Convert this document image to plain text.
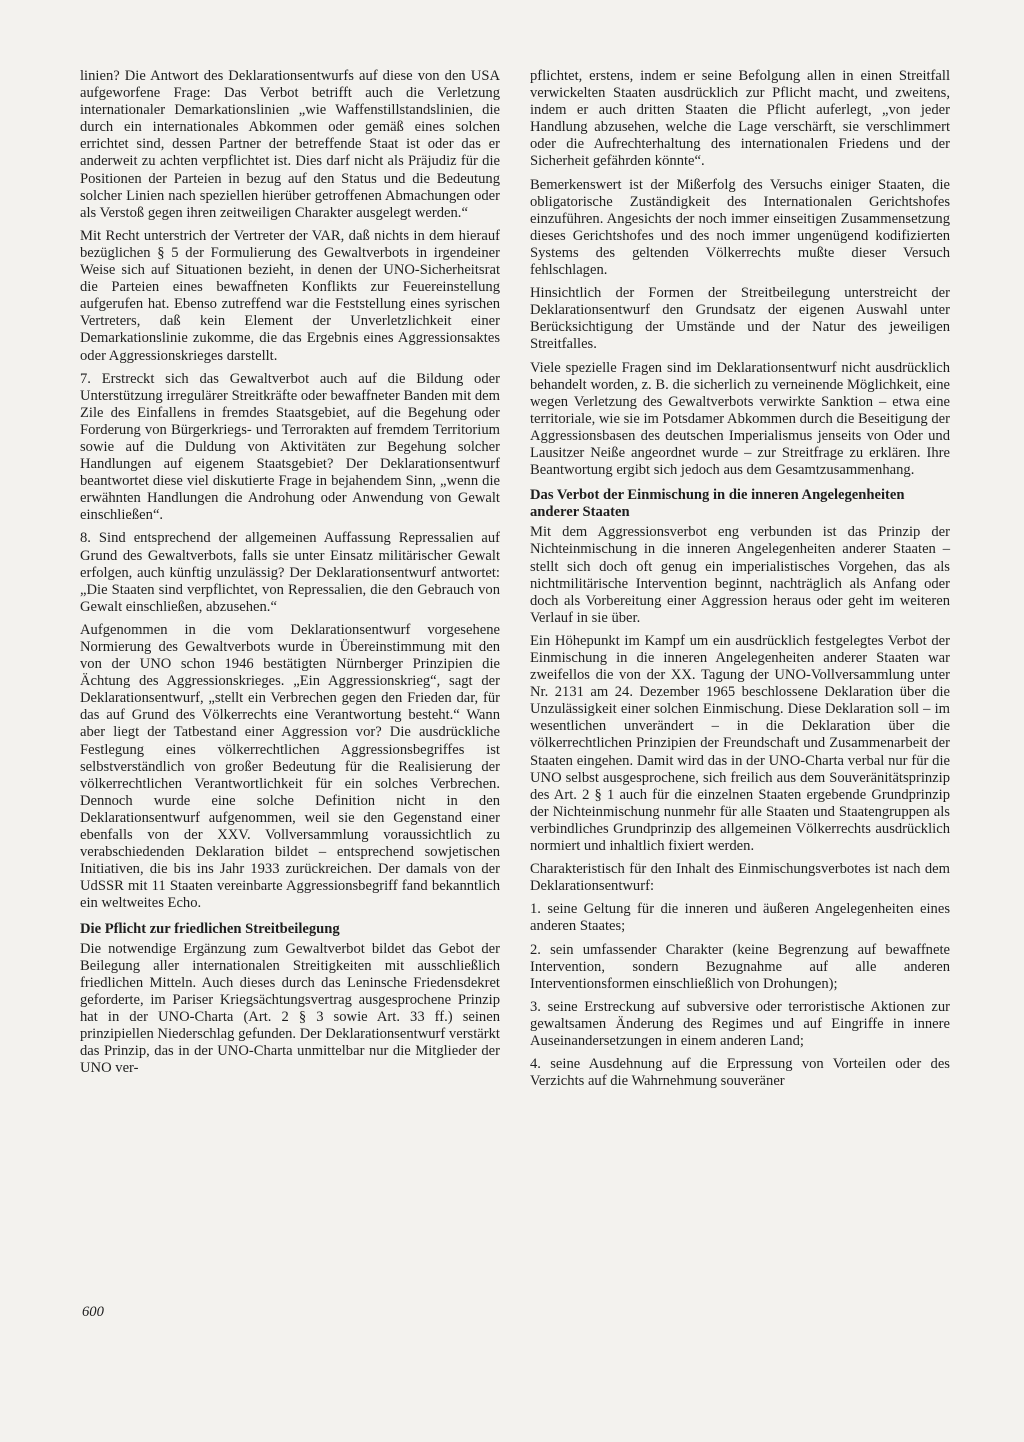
linien? Die Antwort des Deklarationsentwurfs auf diese von den USA aufgeworfene Frage: Das Verbot betrifft auch die Verletzung internationaler Demarkationslinien „wie Waffenstillstandslinien, die durch ein internationales Abkommen oder gemäß eines solchen errichtet sind, dessen Partner der betreffende Staat ist oder das er anderweit zu achten verpflichtet ist. Dies darf nicht als Präjudiz für die Positionen der Parteien in bezug auf den Status und die Bedeutung solcher Linien nach speziellen hierüber getroffenen Abmachungen oder als Verstoß gegen ihren zeitweiligen Charakter ausgelegt werden.“

Mit Recht unterstrich der Vertreter der VAR, daß nichts in dem hierauf bezüglichen § 5 der Formulierung des Gewaltverbots in irgendeiner Weise sich auf Situationen bezieht, in denen der UNO-Sicherheitsrat die Parteien eines bewaffneten Konflikts zur Feuereinstellung aufgerufen hat. Ebenso zutreffend war die Feststellung eines syrischen Vertreters, daß kein Element der Unverletzlichkeit einer Demarkationslinie zukomme, die das Ergebnis eines Aggressionsaktes oder Aggressionskrieges darstellt.

7. Erstreckt sich das Gewaltverbot auch auf die Bildung oder Unterstützung irregulärer Streitkräfte oder bewaffneter Banden mit dem Zile des Einfallens in fremdes Staatsgebiet, auf die Begehung oder Forderung von Bürgerkriegs- und Terrorakten auf fremdem Territorium sowie auf die Duldung von Aktivitäten zur Begehung solcher Handlungen auf eigenem Staatsgebiet? Der Deklarationsentwurf beantwortet diese viel diskutierte Frage in bejahendem Sinn, „wenn die erwähnten Handlungen die Androhung oder Anwendung von Gewalt einschließen“.

8. Sind entsprechend der allgemeinen Auffassung Repressalien auf Grund des Gewaltverbots, falls sie unter Einsatz militärischer Gewalt erfolgen, auch künftig unzulässig? Der Deklarationsentwurf antwortet: „Die Staaten sind verpflichtet, von Repressalien, die den Gebrauch von Gewalt einschließen, abzusehen.“

Aufgenommen in die vom Deklarationsentwurf vorgesehene Normierung des Gewaltverbots wurde in Übereinstimmung mit den von der UNO schon 1946 bestätigten Nürnberger Prinzipien die Ächtung des Aggressionskrieges. „Ein Aggressionskrieg“, sagt der Deklarationsentwurf, „stellt ein Verbrechen gegen den Frieden dar, für das auf Grund des Völkerrechts eine Verantwortung besteht.“ Wann aber liegt der Tatbestand einer Aggression vor? Die ausdrückliche Festlegung eines völkerrechtlichen Aggressionsbegriffes ist selbstverständlich von großer Bedeutung für die Realisierung der völkerrechtlichen Verantwortlichkeit für ein solches Verbrechen. Dennoch wurde eine solche Definition nicht in den Deklarationsentwurf aufgenommen, weil sie den Gegenstand einer ebenfalls von der XXV. Vollversammlung voraussichtlich zu verabschiedenden Deklaration bildet – entsprechend sowjetischen Initiativen, die bis ins Jahr 1933 zurückreichen. Der damals von der UdSSR mit 11 Staaten vereinbarte Aggressionsbegriff fand bekanntlich ein weltweites Echo.

Die Pflicht zur friedlichen Streitbeilegung

Die notwendige Ergänzung zum Gewaltverbot bildet das Gebot der Beilegung aller internationalen Streitigkeiten mit ausschließlich friedlichen Mitteln. Auch dieses durch das Leninsche Friedensdekret geforderte, im Pariser Kriegsächtungsvertrag ausgesprochene Prinzip hat in der UNO-Charta (Art. 2 § 3 sowie Art. 33 ff.) seinen prinzipiellen Niederschlag gefunden. Der Deklarationsentwurf verstärkt das Prinzip, das in der UNO-Charta unmittelbar nur die Mitglieder der UNO ver-

pflichtet, erstens, indem er seine Befolgung allen in einen Streitfall verwickelten Staaten ausdrücklich zur Pflicht macht, und zweitens, indem er auch dritten Staaten die Pflicht auferlegt, „von jeder Handlung abzusehen, welche die Lage verschärft, sie verschlimmert oder die Aufrechterhaltung des internationalen Friedens und der Sicherheit gefährden könnte“.

Bemerkenswert ist der Mißerfolg des Versuchs einiger Staaten, die obligatorische Zuständigkeit des Internationalen Gerichtshofes einzuführen. Angesichts der noch immer einseitigen Zusammensetzung dieses Gerichtshofes und des noch immer ungenügend kodifizierten Systems des geltenden Völkerrechts mußte dieser Versuch fehlschlagen.

Hinsichtlich der Formen der Streitbeilegung unterstreicht der Deklarationsentwurf den Grundsatz der eigenen Auswahl unter Berücksichtigung der Umstände und der Natur des jeweiligen Streitfalles.

Viele spezielle Fragen sind im Deklarationsentwurf nicht ausdrücklich behandelt worden, z. B. die sicherlich zu verneinende Möglichkeit, eine wegen Verletzung des Gewaltverbots verwirkte Sanktion – etwa eine territoriale, wie sie im Potsdamer Abkommen durch die Beseitigung der Aggressionsbasen des deutschen Imperialismus jenseits von Oder und Lausitzer Neiße angeordnet wurde – zur Streitfrage zu erklären. Ihre Beantwortung ergibt sich jedoch aus dem Gesamtzusammenhang.

Das Verbot der Einmischung in die inneren Angelegenheiten anderer Staaten

Mit dem Aggressionsverbot eng verbunden ist das Prinzip der Nichteinmischung in die inneren Angelegenheiten anderer Staaten – stellt sich doch oft genug ein imperialistisches Vorgehen, das als nichtmilitärische Intervention beginnt, nachträglich als Anfang oder doch als Vorbereitung einer Aggression heraus oder geht im weiteren Verlauf in sie über.

Ein Höhepunkt im Kampf um ein ausdrücklich festgelegtes Verbot der Einmischung in die inneren Angelegenheiten anderer Staaten war zweifellos die von der XX. Tagung der UNO-Vollversammlung unter Nr. 2131 am 24. Dezember 1965 beschlossene Deklaration über die Unzulässigkeit einer solchen Einmischung. Diese Deklaration soll – im wesentlichen unverändert – in die Deklaration über die völkerrechtlichen Prinzipien der Freundschaft und Zusammenarbeit der Staaten eingehen. Damit wird das in der UNO-Charta verbal nur für die UNO selbst ausgesprochene, sich freilich aus dem Souveränitätsprinzip des Art. 2 § 1 auch für die einzelnen Staaten ergebende Grundprinzip der Nichteinmischung nunmehr für alle Staaten und Staatengruppen als verbindliches Grundprinzip des allgemeinen Völkerrechts ausdrücklich normiert und inhaltlich fixiert werden.

Charakteristisch für den Inhalt des Einmischungsverbotes ist nach dem Deklarationsentwurf:

1. seine Geltung für die inneren und äußeren Angelegenheiten eines anderen Staates;

2. sein umfassender Charakter (keine Begrenzung auf bewaffnete Intervention, sondern Bezugnahme auf alle anderen Interventionsformen einschließlich von Drohungen);

3. seine Erstreckung auf subversive oder terroristische Aktionen zur gewaltsamen Änderung des Regimes und auf Eingriffe in innere Auseinandersetzungen in einem anderen Land;

4. seine Ausdehnung auf die Erpressung von Vorteilen oder des Verzichts auf die Wahrnehmung souveräner

600
